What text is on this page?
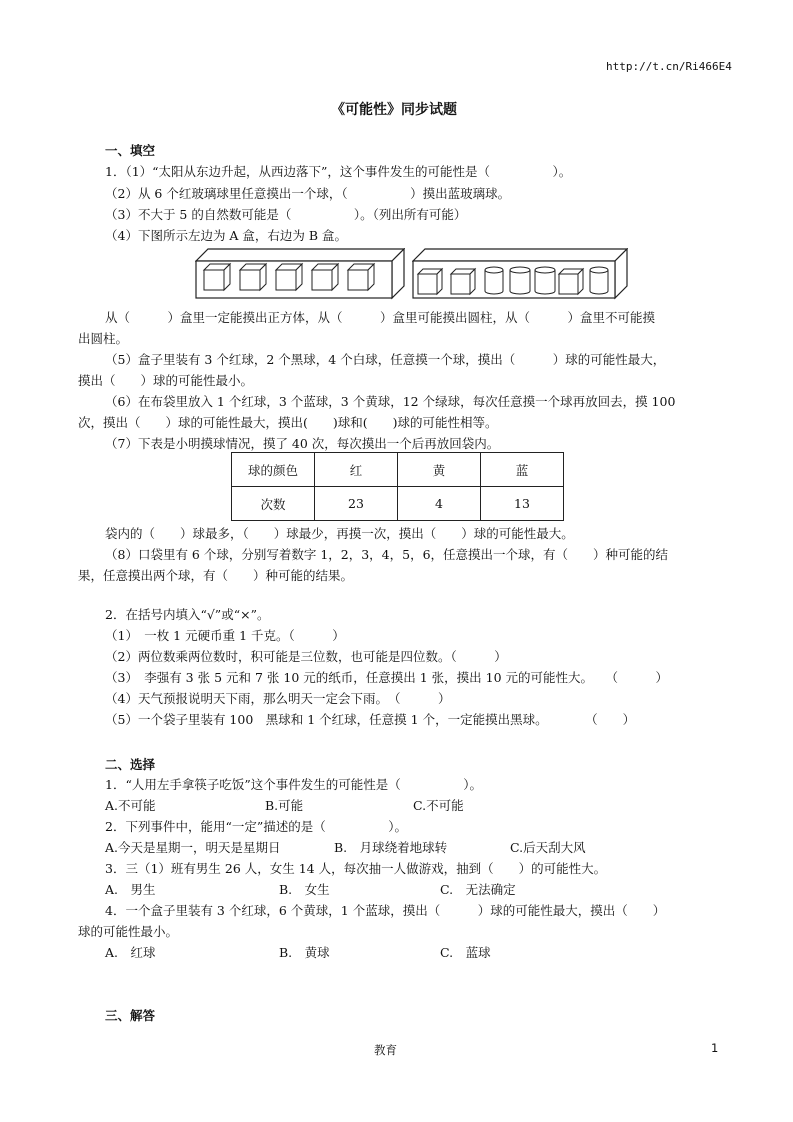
http://t.cn/Ri466E4
《可能性》同步试题
一、填空
1．（1）“太阳从东边升起，从西边落下”，这个事件发生的可能性是（　　　　　）。
（2）从 6 个红玻璃球里任意摸出一个球，（　　　　　）摸出蓝玻璃球。
（3）不大于 5 的自然数可能是（　　　　　）。（列出所有可能）
（4）下图所示左边为 A 盒，右边为 B 盒。
从（　　　）盒里一定能摸出正方体，从（　　　）盒里可能摸出圆柱，从（　　　）盒里不可能摸
出圆柱。
（5）盒子里装有 3 个红球，2 个黑球，4 个白球，任意摸一个球，摸出（　　　）球的可能性最大，
摸出（　　）球的可能性最小。
（6）在布袋里放入 1 个红球，3 个蓝球，3 个黄球，12 个绿球，每次任意摸一个球再放回去，摸 100
次，摸出（　　）球的可能性最大，摸出(　　)球和(　　)球的可能性相等。
（7）下表是小明摸球情况，摸了 40 次，每次摸出一个后再放回袋内。
球的颜色	红	黄	蓝
次数	23	4	13
袋内的（　　）球最多，（　　）球最少，再摸一次，摸出（　　）球的可能性最大。
（8）口袋里有 6 个球，分别写着数字 1，2，3，4，5，6，任意摸出一个球，有（　　）种可能的结
果，任意摸出两个球，有（　　）种可能的结果。
2．在括号内填入“√”或“×”。
（1）　一枚 1 元硬币重 1 千克。（　　　）
（2）两位数乘两位数时，积可能是三位数，也可能是四位数。（　　　）
（3）　李强有 3 张 5 元和 7 张 10 元的纸币，任意摸出 1 张，摸出 10 元的可能性大。　　（　　　）
（4）天气预报说明天下雨，那么明天一定会下雨。　（　　　）
（5）一个袋子里装有 100　黑球和 1 个红球，任意摸 1 个，一定能摸出黑球。　　　　（　　）
二、选择
1．“人用左手拿筷子吃饭”这个事件发生的可能性是（　　　　　）。
A.不可能	B.可能	C.不可能
2．下列事件中，能用“一定”描述的是（　　　　　）。
A.今天是星期一，明天是星期日	B.　月球绕着地球转	C.后天刮大风
3．三（1）班有男生 26 人，女生 14 人，每次抽一人做游戏，抽到（　　）的可能性大。
A.　男生	B.　女生	C.　无法确定
4．一个盒子里装有 3 个红球，6 个黄球，1 个蓝球，摸出（　　　）球的可能性最大，摸出（　　）
球的可能性最小。
A.　红球	B.　黄球	C.　蓝球
三、解答
教育	1
